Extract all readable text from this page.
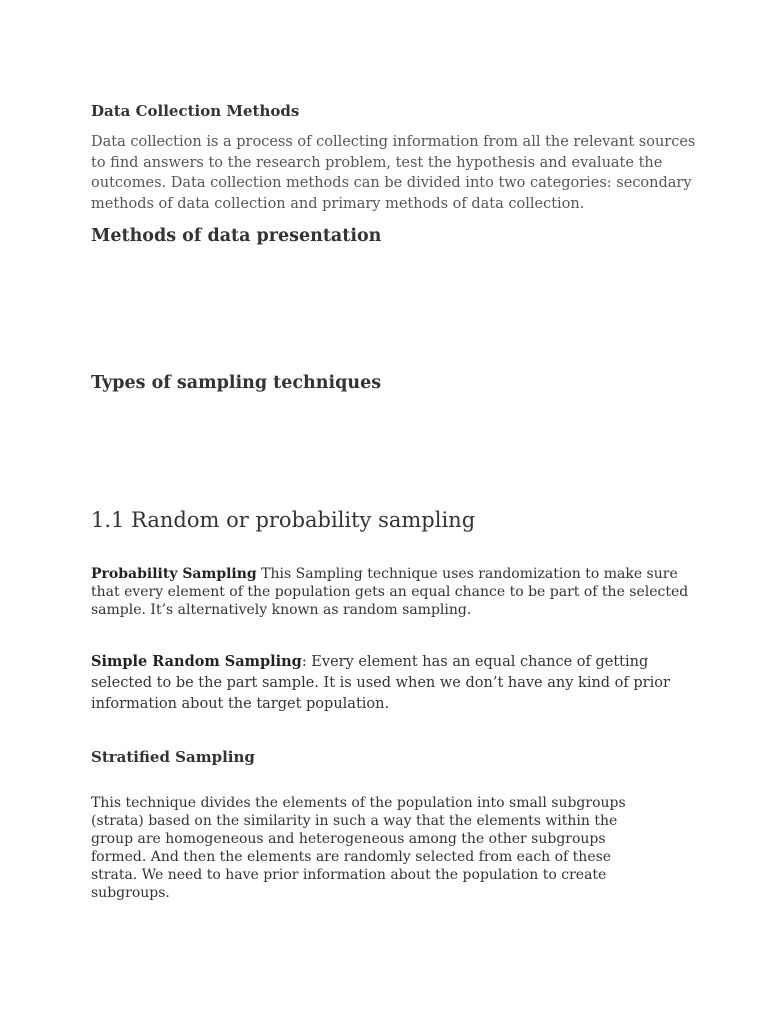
Data Collection Methods

Data collection is a process of collecting information from all the relevant sources to find answers to the research problem, test the hypothesis and evaluate the outcomes. Data collection methods can be divided into two categories: secondary methods of data collection and primary methods of data collection.

Methods of data presentation
Types of sampling techniques
1.1 Random or probability sampling

Probability Sampling This Sampling technique uses randomization to make sure that every element of the population gets an equal chance to be part of the selected sample. It’s alternatively known as random sampling.

Simple Random Sampling: Every element has an equal chance of getting selected to be the part sample. It is used when we don’t have any kind of prior information about the target population.

Stratified Sampling

This technique divides the elements of the population into small subgroups (strata) based on the similarity in such a way that the elements within the group are homogeneous and heterogeneous among the other subgroups formed. And then the elements are randomly selected from each of these strata. We need to have prior information about the population to create subgroups.
